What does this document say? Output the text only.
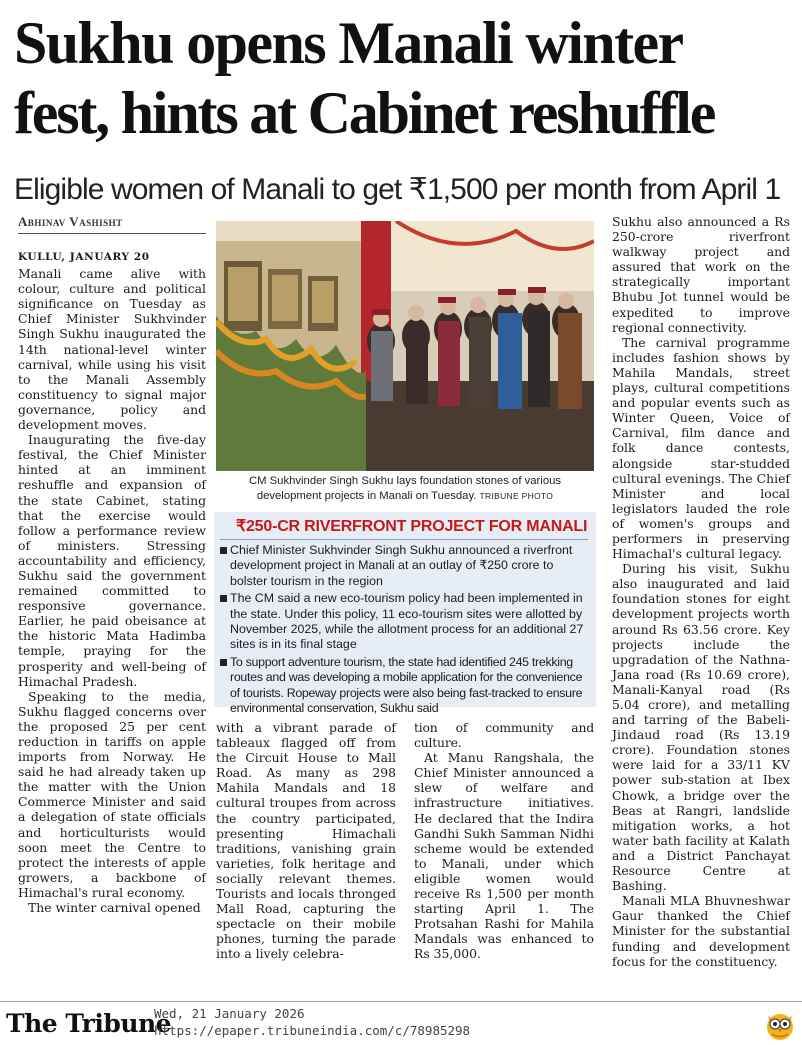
Sukhu opens Manali winter
fest, hints at Cabinet reshuffle
Eligible women of Manali to get ₹1,500 per month from April 1
Abhinav Vashisht

KULLU, JANUARY 20

Manali came alive with colour, culture and political significance on Tuesday as Chief Minister Sukhvinder Singh Sukhu inaugurated the 14th national-level winter carnival, while using his visit to the Manali Assembly constituency to signal major governance, policy and development moves.

Inaugurating the five-day festival, the Chief Minister hinted at an imminent reshuffle and expansion of the state Cabinet, stating that the exercise would follow a performance review of ministers. Stressing accountability and efficiency, Sukhu said the government remained committed to responsive governance. Earlier, he paid obeisance at the historic Mata Hadimba temple, praying for the prosperity and well-being of Himachal Pradesh.

Speaking to the media, Sukhu flagged concerns over the proposed 25 per cent reduction in tariffs on apple imports from Norway. He said he had already taken up the matter with the Union Commerce Minister and said a delegation of state officials and horticulturists would soon meet the Centre to protect the interests of apple growers, a backbone of Himachal's rural economy.

The winter carnival opened

CM Sukhvinder Singh Sukhu lays foundation stones of various development projects in Manali on Tuesday. TRIBUNE PHOTO
₹250-CR RIVERFRONT PROJECT FOR MANALI
Chief Minister Sukhvinder Singh Sukhu announced a riverfront development project in Manali at an outlay of ₹250 crore to bolster tourism in the region
The CM said a new eco-tourism policy had been implemented in the state. Under this policy, 11 eco-tourism sites were allotted by November 2025, while the allotment process for an additional 27 sites is in its final stage
To support adventure tourism, the state had identified 245 trekking routes and was developing a mobile application for the convenience of tourists. Ropeway projects were also being fast-tracked to ensure environmental conservation, Sukhu said

with a vibrant parade of tableaux flagged off from the Circuit House to Mall Road. As many as 298 Mahila Mandals and 18 cultural troupes from across the country participated, presenting Himachali traditions, vanishing grain varieties, folk heritage and socially relevant themes. Tourists and locals thronged Mall Road, capturing the spectacle on their mobile phones, turning the parade into a lively celebra-

tion of community and culture.

At Manu Rangshala, the Chief Minister announced a slew of welfare and infrastructure initiatives. He declared that the Indira Gandhi Sukh Samman Nidhi scheme would be extended to Manali, under which eligible women would receive Rs 1,500 per month starting April 1. The Protsahan Rashi for Mahila Mandals was enhanced to Rs 35,000.

Sukhu also announced a Rs 250-crore riverfront walkway project and assured that work on the strategically important Bhubu Jot tunnel would be expedited to improve regional connectivity.

The carnival programme includes fashion shows by Mahila Mandals, street plays, cultural competitions and popular events such as Winter Queen, Voice of Carnival, film dance and folk dance contests, alongside star-studded cultural evenings. The Chief Minister and local legislators lauded the role of women's groups and performers in preserving Himachal's cultural legacy.

During his visit, Sukhu also inaugurated and laid foundation stones for eight development projects worth around Rs 63.56 crore. Key projects include the upgradation of the Nathna-Jana road (Rs 10.69 crore), Manali-Kanyal road (Rs 5.04 crore), and metalling and tarring of the Babeli-Jindaud road (Rs 13.19 crore). Foundation stones were laid for a 33/11 KV power sub-station at Ibex Chowk, a bridge over the Beas at Rangri, landslide mitigation works, a hot water bath facility at Kalath and a District Panchayat Resource Centre at Bashing.

Manali MLA Bhuvneshwar Gaur thanked the Chief Minister for the substantial funding and development focus for the constituency.

The Tribune
Wed, 21 January 2026
https://epaper.tribuneindia.com/c/78985298
